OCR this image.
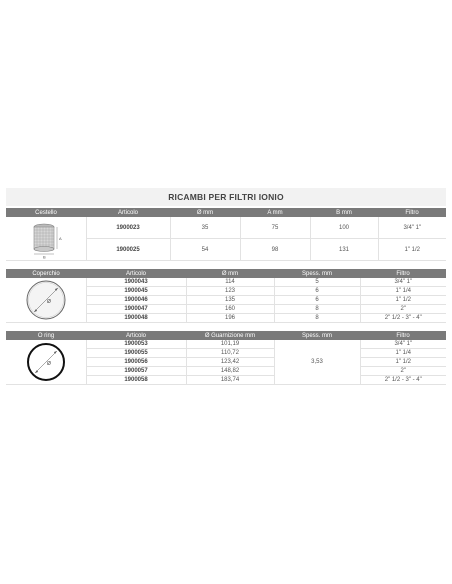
RICAMBI PER FILTRI IONIO
Cestello	Articolo	Ø mm	A mm	B mm	Filtro

A
B	1900023	35	75	100	3/4" 1"
	1900025	54	98	131	1" 1/2
Coperchio	Articolo	Ø mm	Spess. mm	Filtro

Ø	1900043	114	5	3/4" 1"
	1900045	123	6	1" 1/4
	1900046	135	6	1" 1/2
	1900047	160	8	2"
	1900048	196	8	2" 1/2 - 3" - 4"
O ring	Articolo	Ø Guarnizione mm	Spess. mm	Filtro

Ø	1900053	101,19	3,53	3/4" 1"
	1900055	110,72		1" 1/4
	1900056	123,42		1" 1/2
	1900057	148,82		2"
	1900058	183,74		2" 1/2 - 3" - 4"
